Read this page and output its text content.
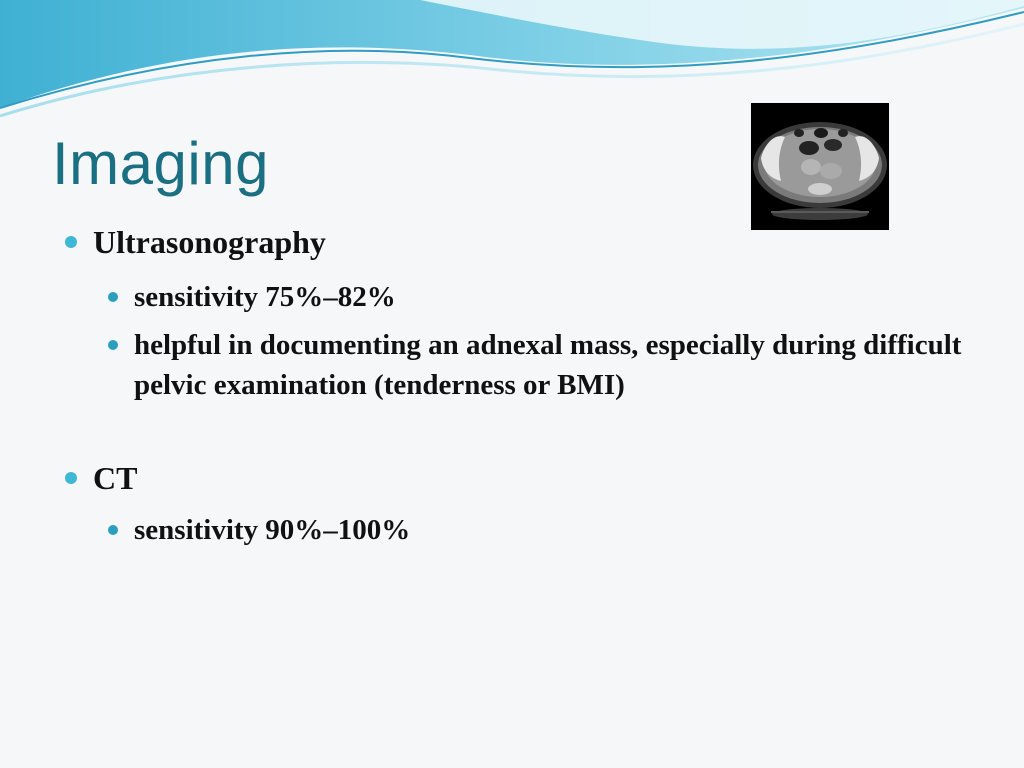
Imaging
Ultrasonography
sensitivity 75%–82%
helpful in documenting an adnexal mass, especially during difficult pelvic examination (tenderness or BMI)
CT
sensitivity 90%–100%
